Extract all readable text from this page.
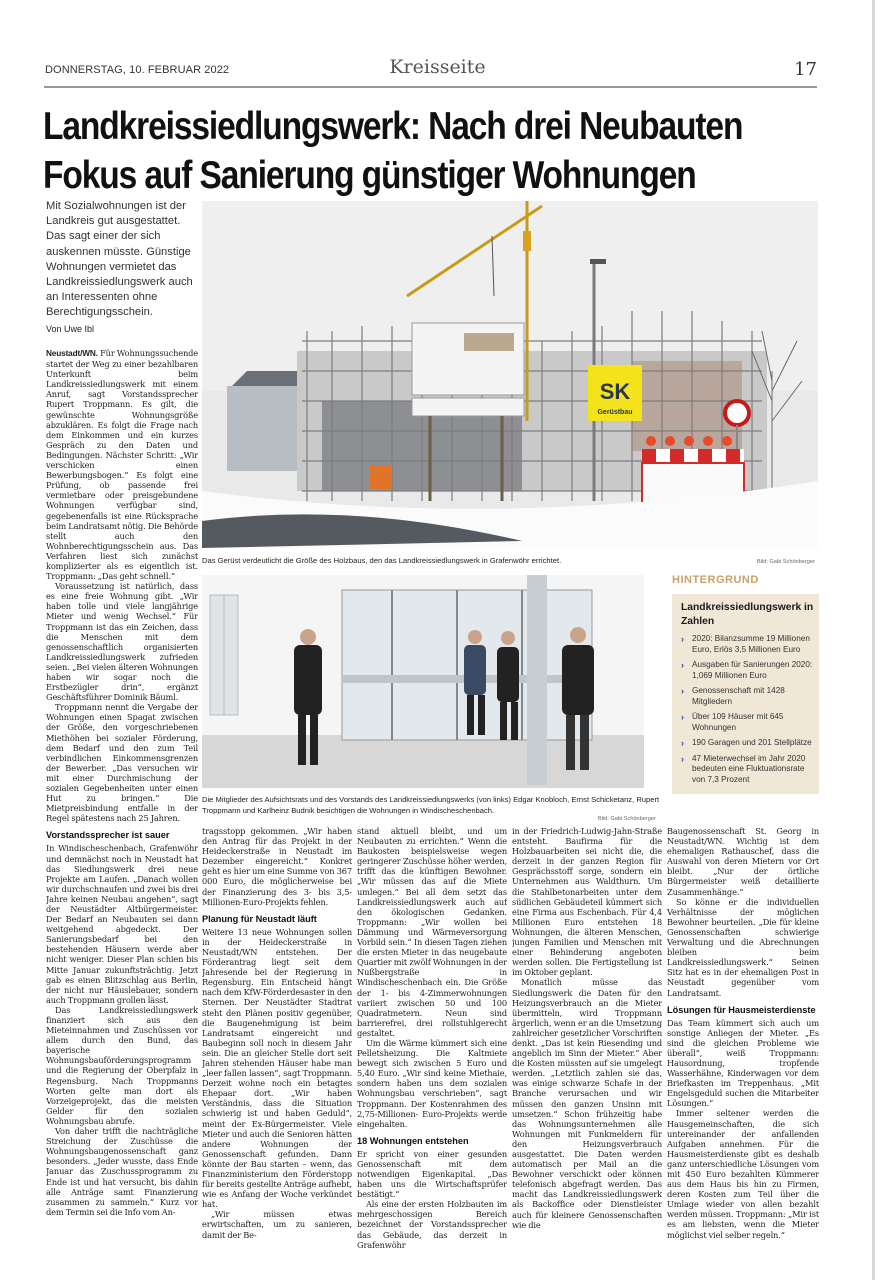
DONNERSTAG, 10. FEBRUAR 2022	Kreisseite	17
Landkreissiedlungswerk: Nach drei Neubauten
Fokus auf Sanierung günstiger Wohnungen
Mit Sozialwohnungen ist der Landkreis gut ausgestattet. Das sagt einer der sich auskennen müsste. Günstige Wohnungen vermietet das Landkreissiedlungswerk auch an Interessenten ohne Berechtigungsschein.
Von Uwe Ibl

Neustadt/WN. Für Wohnungssuchende startet der Weg zu einer bezahlbaren Unterkunft beim Landkreissiedlungswerk mit einem Anruf, sagt Vorstandssprecher Rupert Troppmann. Es gilt, die gewünschte Wohnungsgröße abzuklären. Es folgt die Frage nach dem Einkommen und ein kurzes Gespräch zu den Daten und Bedingungen. Nächster Schritt: „Wir verschicken einen Bewerbungsbogen.“ Es folgt eine Prüfung, ob passende frei vermietbare oder preisgebundene Wohnungen verfügbar sind, gegebenenfalls ist eine Rücksprache beim Landratsamt nötig. Die Behörde stellt auch den Wohnberechtigungsschein aus. Das Verfahren liest sich zunächst komplizierter als es eigentlich ist. Troppmann: „Das geht schnell.“

Voraussetzung ist natürlich, dass es eine freie Wohnung gibt. „Wir haben tolle und viele langjährige Mieter und wenig Wechsel.“ Für Troppmann ist das ein Zeichen, dass die Menschen mit dem genossenschaftlich organisierten Landkreissiedlungswerk zufrieden seien. „Bei vielen älteren Wohnungen haben wir sogar noch die Erstbezügler drin“, ergänzt Geschäftsführer Dominik Bäuml.

Troppmann nennt die Vergabe der Wohnungen einen Spagat zwischen der Größe, den vorgeschriebenen Miethöhen bei sozialer Förderung, dem Bedarf und den zum Teil verbindlichen Einkommensgrenzen der Bewerber. „Das versuchen wir mit einer Durchmischung der sozialen Gegebenheiten unter einen Hut zu bringen.“ Die Mietpreisbindung entfalle in der Regel spätestens nach 25 Jahren.

Vorstandssprecher ist sauer

In Windischeschenbach, Grafenwöhr und demnächst noch in Neustadt hat das Siedlungswerk drei neue Projekte am Laufen. „Danach wollen wir durchschnaufen und zwei bis drei Jahre keinen Neubau angehen“, sagt der Neustädter Altbürgermeister. Der Bedarf an Neubauten sei dann weitgehend abgedeckt. Der Sanierungsbedarf bei den bestehenden Häusern werde aber nicht weniger. Dieser Plan schien bis Mitte Januar zukunftsträchtig. Jetzt gab es einen Blitzschlag aus Berlin, der nicht nur Häuslebauer, sondern auch Troppmann grollen lässt.

Das Landkreissiedlungswerk finanziert sich aus den Mieteinnahmen und Zuschüssen vor allem durch den Bund, das bayerische Wohnungsbauförderungsprogramm und die Regierung der Oberpfalz in Regensburg. Nach Troppmanns Worten gelte man dort als Vorzeigeprojekt, das die meisten Gelder für den sozialen Wohnungsbau abrufe.

Von daher trifft die nachträgliche Streichung der Zuschüsse die Wohnungsbaugenossenschaft ganz besonders. „Jeder wusste, dass Ende Januar das Zuschussprogramm zu Ende ist und hat versucht, bis dahin alle Anträge samt Finanzierung zusammen zu sammeln.“ Kurz vor dem Termin sei die Info vom An-

SK
Gerüstbau
Das Gerüst verdeutlicht die Größe des Holzbaus, den das Landkreissiedlungswerk in Grafenwöhr errichtet.	Bild: Gabi Schönberger
Die Mitglieder des Aufsichtsrats und des Vorstands des Landkreissiedlungswerks (von links) Edgar Knobloch, Ernst Schicketanz, Rupert Troppmann und Karlheinz Budnik besichtigen die Wohnungen in Windischeschenbach.
Bild: Gabi Schönberger
HINTERGRUND
Landkreissiedlungswerk in Zahlen
› 2020: Bilanzsumme 19 Millionen Euro, Erlös 3,5 Millionen Euro
› Ausgaben für Sanierungen 2020: 1,069 Millionen Euro
› Genossenschaft mit 1428 Mitgliedern
› Über 109 Häuser mit 645 Wohnungen
› 190 Garagen und 201 Stellplätze
› 47 Mieterwechsel im Jahr 2020 bedeuten eine Fluktuationsrate von 7,3 Prozent

tragsstopp gekommen. „Wir haben den Antrag für das Projekt in der Heideckerstraße in Neustadt im Dezember eingereicht.“ Konkret geht es hier um eine Summe von 367 000 Euro, die möglicherweise bei der Finanzierung des 3- bis 3,5-Millionen-Euro-Projekts fehlen.

Planung für Neustadt läuft

Weitere 13 neue Wohnungen sollen in der Heideckerstraße in Neustadt/WN entstehen. Der Förderantrag liegt seit dem Jahresende bei der Regierung in Regensburg. Ein Entscheid hängt nach dem KfW-Förderdesaster in den Sternen. Der Neustädter Stadtrat steht den Plänen positiv gegenüber, die Baugenehmigung ist beim Landratsamt eingereicht und Baubeginn soll noch in diesem Jahr sein. Die an gleicher Stelle dort seit Jahren stehenden Häuser habe man „leer fallen lassen“, sagt Troppmann. Derzeit wohne noch ein betagtes Ehepaar dort. „Wir haben Verständnis, dass die Situation schwierig ist und haben Geduld“, meint der Ex-Bürgermeister. Viele Mieter und auch die Senioren hätten andere Wohnungen der Genossenschaft gefunden. Dann könnte der Bau starten – wenn, das Finanzministerium den Förderstopp für bereits gestellte Anträge aufhebt, wie es Anfang der Woche verkündet hat.

„Wir müssen etwas erwirtschaften, um zu sanieren, damit der Be-

stand aktuell bleibt, und um Neubauten zu errichten.“ Wenn die Baukosten beispielsweise wegen geringerer Zuschüsse höher werden, trifft das die künftigen Bewohner. „Wir müssen das auf die Miete umlegen.“ Bei all dem setzt das Landkreissiedlungswerk auch auf den ökologischen Gedanken. Troppmann: „Wir wollen bei Dämmung und Wärmeversorgung Vorbild sein.“ In diesen Tagen ziehen die ersten Mieter in das neugebaute Quartier mit zwölf Wohnungen in der Nußbergstraße in Windischeschenbach ein. Die Größe der 1- bis 4-Zimmerwohnungen variiert zwischen 50 und 100 Quadratmetern. Neun sind barrierefrei, drei rollstuhlgerecht gestaltet.

Um die Wärme kümmert sich eine Pelletsheizung. Die Kaltmiete bewegt sich zwischen 5 Euro und 5,40 Euro. „Wir sind keine Miethaie, sondern haben uns dem sozialen Wohnungsbau verschrieben“, sagt Troppmann. Der Kostenrahmen des 2,75-Millionen- Euro-Projekts werde eingehalten.

18 Wohnungen entstehen

Er spricht von einer gesunden Genossenschaft mit dem notwendigen Eigenkapital. „Das haben uns die Wirtschaftsprüfer bestätigt.“

Als eine der ersten Holzbauten im mehrgeschossigen Bereich bezeichnet der Vorstandssprecher das Gebäude, das derzeit in Grafenwöhr

in der Friedrich-Ludwig-Jahn-Straße entsteht. Baufirma für die Holzbauarbeiten sei nicht die, die derzeit in der ganzen Region für Gesprächsstoff sorge, sondern ein Unternehmen aus Waldthurn. Um die Stahlbetonarbeiten unter dem südlichen Gebäudeteil kümmert sich eine Firma aus Eschenbach. Für 4,4 Millionen Euro entstehen 18 Wohnungen, die älteren Menschen, jungen Familien und Menschen mit einer Behinderung angeboten werden sollen. Die Fertigstellung ist im Oktober geplant.

Monatlich müsse das Siedlungswerk die Daten für den Heizungsverbrauch an die Mieter übermitteln, wird Troppmann ärgerlich, wenn er an die Umsetzung zahlreicher gesetzlicher Vorschriften denkt. „Das ist kein Riesending und angeblich im Sinn der Mieter.“ Aber die Kosten müssten auf sie umgelegt werden. „Letztlich zahlen sie das, was einige schwarze Schafe in der Branche verursachen und wir müssen den ganzen Unsinn mit umsetzen.“ Schon frühzeitig habe das Wohnungsunternehmen alle Wohnungen mit Funkmeldern für den Heizungsverbrauch ausgestattet. Die Daten werden automatisch per Mail an die Bewohner verschickt oder können telefonisch abgefragt werden. Das macht das Landkreissiedlungswerk als Backoffice oder Dienstleister auch für kleinere Genossenschaften wie die

Baugenossenschaft St. Georg in Neustadt/WN. Wichtig ist dem ehemaligen Rathauschef, dass die Auswahl von deren Mietern vor Ort bleibt. „Nur der örtliche Bürgermeister weiß detaillierte Zusammenhänge.“

So könne er die individuellen Verhältnisse der möglichen Bewohner beurteilen. „Die für kleine Genossenschaften schwierige Verwaltung und die Abrechnungen bleiben beim Landkreissiedlungswerk.“ Seinen Sitz hat es in der ehemaligen Post in Neustadt gegenüber vom Landratsamt.

Lösungen für Hausmeisterdienste

Das Team kümmert sich auch um sonstige Anliegen der Mieter. „Es sind die gleichen Probleme wie überall“, weiß Troppmann: Hausordnung, tropfende Wasserhähne, Kinderwagen vor dem Briefkasten im Treppenhaus. „Mit Engelsgeduld suchen die Mitarbeiter Lösungen.“

Immer seltener werden die Hausgemeinschaften, die sich untereinander der anfallenden Aufgaben annehmen. Für die Hausmeisterdienste gibt es deshalb ganz unterschiedliche Lösungen vom mit 450 Euro bezahlten Kümmerer aus dem Haus bis hin zu Firmen, deren Kosten zum Teil über die Umlage wieder von allen bezahlt werden müssen. Troppmann: „Mir ist es am liebsten, wenn die Mieter möglichst viel selber regeln.“
